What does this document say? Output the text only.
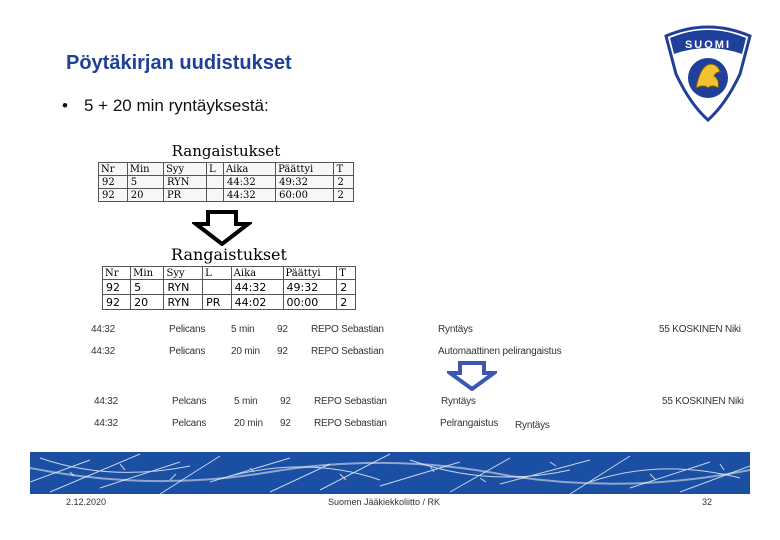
Pöytäkirjan uudistukset
SUOMI
• 5 + 20 min ryntäyksestä:
Rangaistukset
Nr	Min	Syy	L	Aika	Päättyi	T
92	5	RYN		44:32	49:32	2
92	20	PR		44:32	60:00	2
Rangaistukset
Nr	Min	Syy	L	Aika	Päättyi	T
92	5	RYN		44:32	49:32	2
92	20	RYN	PR	44:02	00:00	2
44:32	Pelicans	5 min 92 REPO Sebastian	Ryntäys	55 KOSKINEN Niki
44:32	Pelicans	20 min 92 REPO Sebastian	Automaattinen pelirangaistus
44:32	Pelcans	5 min 92 REPO Sebastian	Ryntäys	55 KOSKINEN Niki
44:32	Pelcans	20 min 92 REPO Sebastian	Pelrangaistus Ryntäys
2.12.2020	Suomen Jääkiekkoliitto / RK	32
